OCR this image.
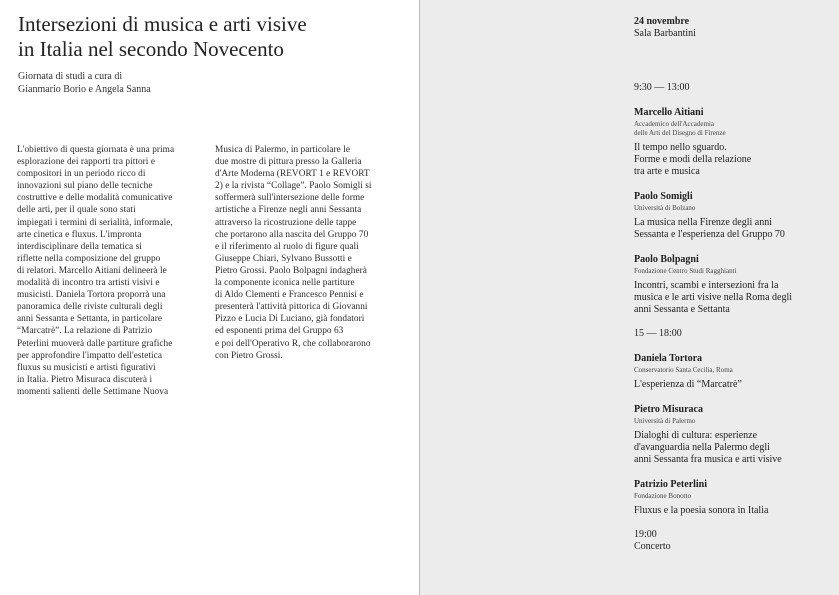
Intersezioni di musica e arti visive
in Italia nel secondo Novecento
Giornata di studi a cura di
Gianmario Borio e Angela Sanna
L'obiettivo di questa giornata è una prima
esplorazione dei rapporti tra pittori e
compositori in un periodo ricco di
innovazioni sul piano delle tecniche
costruttive e delle modalità comunicative
delle arti, per il quale sono stati
impiegati i termini di serialità, informale,
arte cinetica e fluxus. L'impronta
interdisciplinare della tematica si
riflette nella composizione del gruppo
di relatori. Marcello Aitiani delineerà le
modalità di incontro tra artisti visivi e
musicisti. Daniela Tortora proporrà una
panoramica delle riviste culturali degli
anni Sessanta e Settanta, in particolare
“Marcatrè”. La relazione di Patrizio
Peterlini muoverà dalle partiture grafiche
per approfondire l'impatto dell'estetica
fluxus su musicisti e artisti figurativi
in Italia. Pietro Misuraca discuterà i
momenti salienti delle Settimane Nuova
Musica di Palermo, in particolare le
due mostre di pittura presso la Galleria
d'Arte Moderna (REVORT 1 e REVORT
2) e la rivista “Collage”. Paolo Somigli si
soffermerà sull'intersezione delle forme
artistiche a Firenze negli anni Sessanta
attraverso la ricostruzione delle tappe
che portarono alla nascita del Gruppo 70
e il riferimento al ruolo di figure quali
Giuseppe Chiari, Sylvano Bussotti e
Pietro Grossi. Paolo Bolpagni indagherà
la componente iconica nelle partiture
di Aldo Clementi e Francesco Pennisi e
presenterà l'attività pittorica di Giovanni
Pizzo e Lucia Di Luciano, già fondatori
ed esponenti prima del Gruppo 63
e poi dell'Operativo R, che collaborarono
con Pietro Grossi.
24 novembre
Sala Barbantini
9:30 — 13:00
Marcello Aitiani
Accademico dell'Accademia
delle Arti del Disegno di Firenze
Il tempo nello sguardo.
Forme e modi della relazione
tra arte e musica
Paolo Somigli
Università di Bolzano
La musica nella Firenze degli anni
Sessanta e l'esperienza del Gruppo 70
Paolo Bolpagni
Fondazione Centro Studi Ragghianti
Incontri, scambi e intersezioni fra la
musica e le arti visive nella Roma degli
anni Sessanta e Settanta
15 — 18:00
Daniela Tortora
Conservatorio Santa Cecilia, Roma
L'esperienza di “Marcatrè”
Pietro Misuraca
Università di Palermo
Dialoghi di cultura: esperienze
d'avanguardia nella Palermo degli
anni Sessanta fra musica e arti visive
Patrizio Peterlini
Fondazione Bonotto
Fluxus e la poesia sonora in Italia
19:00
Concerto
